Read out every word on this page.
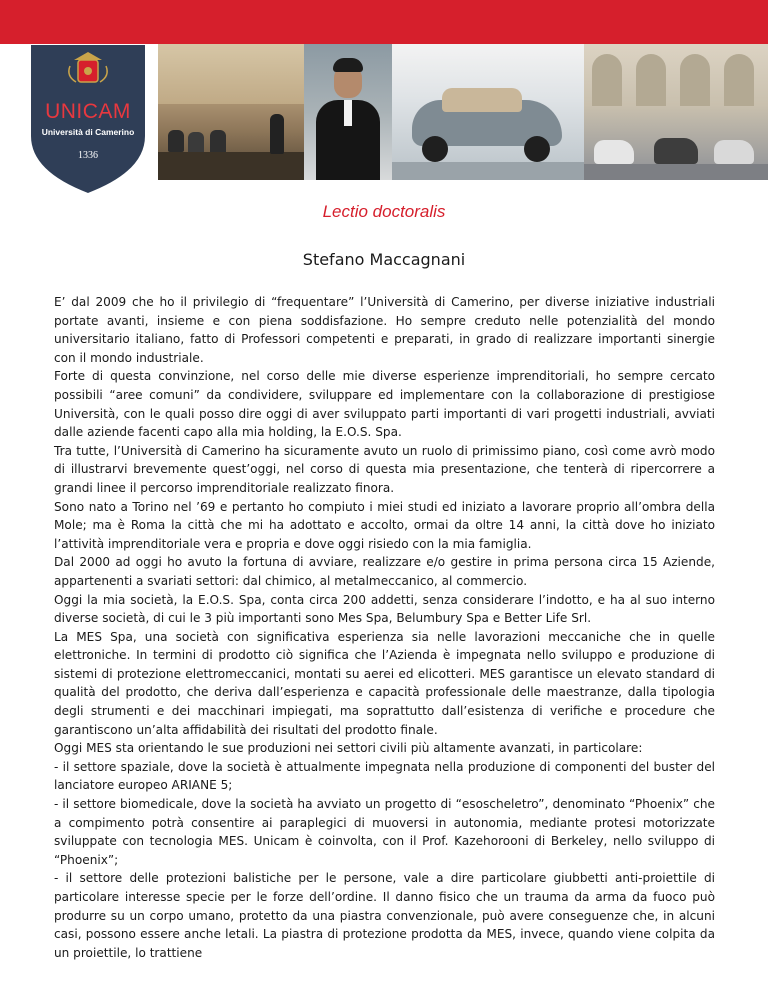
UNICAM
Università di Camerino
1336
Lectio doctoralis
Stefano Maccagnani

E’ dal 2009 che ho il privilegio di “frequentare” l’Università di Camerino, per diverse iniziative industriali portate avanti, insieme e con piena soddisfazione. Ho sempre creduto nelle potenzialità del mondo universitario italiano, fatto di Professori competenti e preparati, in grado di realizzare importanti sinergie con il mondo industriale.

Forte di questa convinzione, nel corso delle mie diverse esperienze imprenditoriali, ho sempre cercato possibili “aree comuni” da condividere, sviluppare ed implementare con la collaborazione di prestigiose Università, con le quali posso dire oggi di aver sviluppato parti importanti di vari progetti industriali, avviati dalle aziende facenti capo alla mia holding, la E.O.S. Spa.

Tra tutte, l’Università di Camerino ha sicuramente avuto un ruolo di primissimo piano, così come avrò modo di illustrarvi brevemente quest’oggi, nel corso di questa mia presentazione, che tenterà di ripercorrere a grandi linee il percorso imprenditoriale realizzato finora.

Sono nato a Torino nel ’69 e pertanto ho compiuto i miei studi ed iniziato a lavorare proprio all’ombra della Mole; ma è Roma la città che mi ha adottato e accolto, ormai da oltre 14 anni, la città dove ho iniziato l’attività imprenditoriale vera e propria e dove oggi risiedo con la mia famiglia.

Dal 2000 ad oggi ho avuto la fortuna di avviare, realizzare e/o gestire in prima persona circa 15 Aziende, appartenenti a svariati settori: dal chimico, al metalmeccanico, al commercio.

Oggi la mia società, la E.O.S. Spa, conta circa 200 addetti, senza considerare l’indotto, e ha al suo interno diverse società, di cui le 3 più importanti sono Mes Spa, Belumbury Spa e Better Life Srl.

La MES Spa, una società con significativa esperienza sia nelle lavorazioni meccaniche che in quelle elettroniche. In termini di prodotto ciò significa che l’Azienda è impegnata nello sviluppo e produzione di sistemi di protezione elettromeccanici, montati su aerei ed elicotteri. MES garantisce un elevato standard di qualità del prodotto, che deriva dall’esperienza e capacità professionale delle maestranze, dalla tipologia degli strumenti e dei macchinari impiegati, ma soprattutto dall’esistenza di verifiche e procedure che garantiscono un’alta affidabilità dei risultati del prodotto finale.

Oggi MES sta orientando le sue produzioni nei settori civili più altamente avanzati, in particolare:

- il settore spaziale, dove la società è attualmente impegnata nella produzione di componenti del buster del lanciatore europeo ARIANE 5;

- il settore biomedicale, dove la società ha avviato un progetto di “esoscheletro”, denominato “Phoenix” che a compimento potrà consentire ai paraplegici di muoversi in autonomia, mediante protesi motorizzate sviluppate con tecnologia MES. Unicam è coinvolta, con il Prof. Kazehorooni di Berkeley, nello sviluppo di “Phoenix”;

- il settore delle protezioni balistiche per le persone, vale a dire particolare giubbetti anti-proiettile di particolare interesse specie per le forze dell’ordine. Il danno fisico che un trauma da arma da fuoco può produrre su un corpo umano, protetto da una piastra convenzionale, può avere conseguenze che, in alcuni casi, possono essere anche letali. La piastra di protezione prodotta da MES, invece, quando viene colpita da un proiettile, lo trattiene
